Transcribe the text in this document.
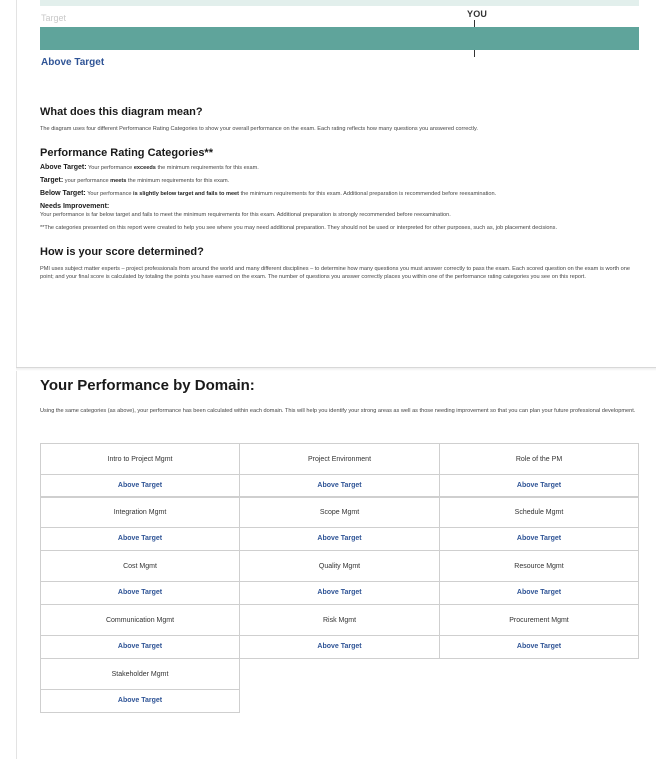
Target	YOU
Above Target
What does this diagram mean?

The diagram uses four different Performance Rating Categories to show your overall performance on the exam. Each rating reflects how many questions you answered correctly.

Performance Rating Categories**

Above Target: Your performance exceeds the minimum requirements for this exam.

Target: your performance meets the minimum requirements for this exam.

Below Target: Your performance is slightly below target and fails to meet the minimum requirements for this exam. Additional preparation is recommended before reexamination.

Needs Improvement:

Your performance is far below target and fails to meet the minimum requirements for this exam. Additional preparation is strongly recommended before reexamination.

**The categories presented on this report were created to help you see where you may need additional preparation. They should not be used or interpreted for other purposes, such as, job placement decisions.

How is your score determined?

PMI uses subject matter experts – project professionals from around the world and many different disciplines – to determine how many questions you must answer correctly to pass the exam. Each scored question on the exam is worth one point; and your final score is calculated by totaling the points you have earned on the exam. The number of questions you answer correctly places you within one of the performance rating categories you see on this report.

Your Performance by Domain:
Using the same categories (as above), your performance has been calculated within each domain. This will help you identify your strong areas as well as those needing improvement so that you can plan your future professional development.
Intro to Project Mgmt
Above Target
Project Environment
Above Target
Role of the PM
Above Target
Integration Mgmt
Above Target
Scope Mgmt
Above Target
Schedule Mgmt
Above Target
Cost Mgmt
Above Target
Quality Mgmt
Above Target
Resource Mgmt
Above Target
Communication Mgmt
Above Target
Risk Mgmt
Above Target
Procurement Mgmt
Above Target
Stakeholder Mgmt
Above Target
